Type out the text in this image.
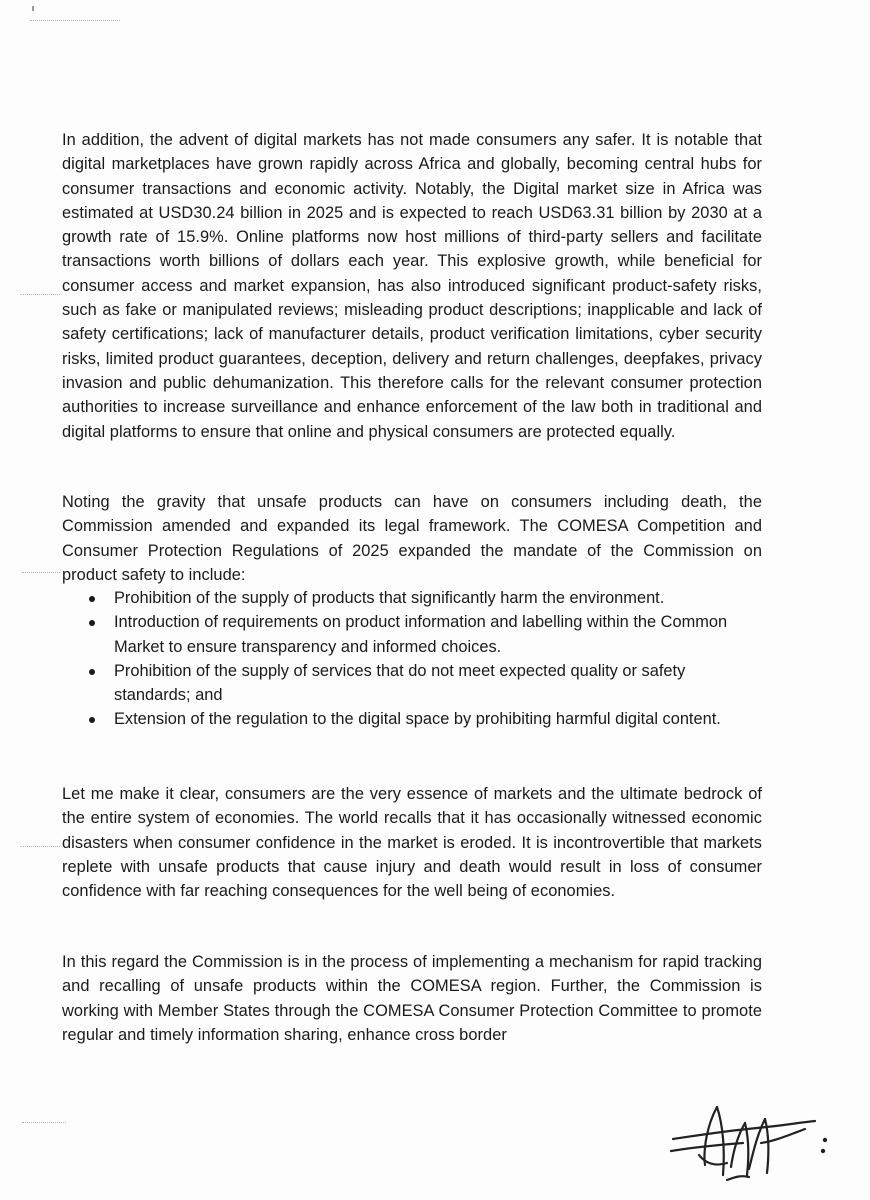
In addition, the advent of digital markets has not made consumers any safer. It is notable that digital marketplaces have grown rapidly across Africa and globally, becoming central hubs for consumer transactions and economic activity. Notably, the Digital market size in Africa was estimated at USD30.24 billion in 2025 and is expected to reach USD63.31 billion by 2030 at a growth rate of 15.9%. Online platforms now host millions of third-party sellers and facilitate transactions worth billions of dollars each year. This explosive growth, while beneficial for consumer access and market expansion, has also introduced significant product-safety risks, such as fake or manipulated reviews; misleading product descriptions; inapplicable and lack of safety certifications; lack of manufacturer details, product verification limitations, cyber security risks, limited product guarantees, deception, delivery and return challenges, deepfakes, privacy invasion and public dehumanization. This therefore calls for the relevant consumer protection authorities to increase surveillance and enhance enforcement of the law both in traditional and digital platforms to ensure that online and physical consumers are protected equally.

Noting the gravity that unsafe products can have on consumers including death, the Commission amended and expanded its legal framework. The COMESA Competition and Consumer Protection Regulations of 2025 expanded the mandate of the Commission on product safety to include:

Prohibition of the supply of products that significantly harm the environment.
Introduction of requirements on product information and labelling within the Common Market to ensure transparency and informed choices.
Prohibition of the supply of services that do not meet expected quality or safety standards; and
Extension of the regulation to the digital space by prohibiting harmful digital content.

Let me make it clear, consumers are the very essence of markets and the ultimate bedrock of the entire system of economies. The world recalls that it has occasionally witnessed economic disasters when consumer confidence in the market is eroded. It is incontrovertible that markets replete with unsafe products that cause injury and death would result in loss of consumer confidence with far reaching consequences for the well being of economies.

In this regard the Commission is in the process of implementing a mechanism for rapid tracking and recalling of unsafe products within the COMESA region. Further, the Commission is working with Member States through the COMESA Consumer Protection Committee to promote regular and timely information sharing, enhance cross border
